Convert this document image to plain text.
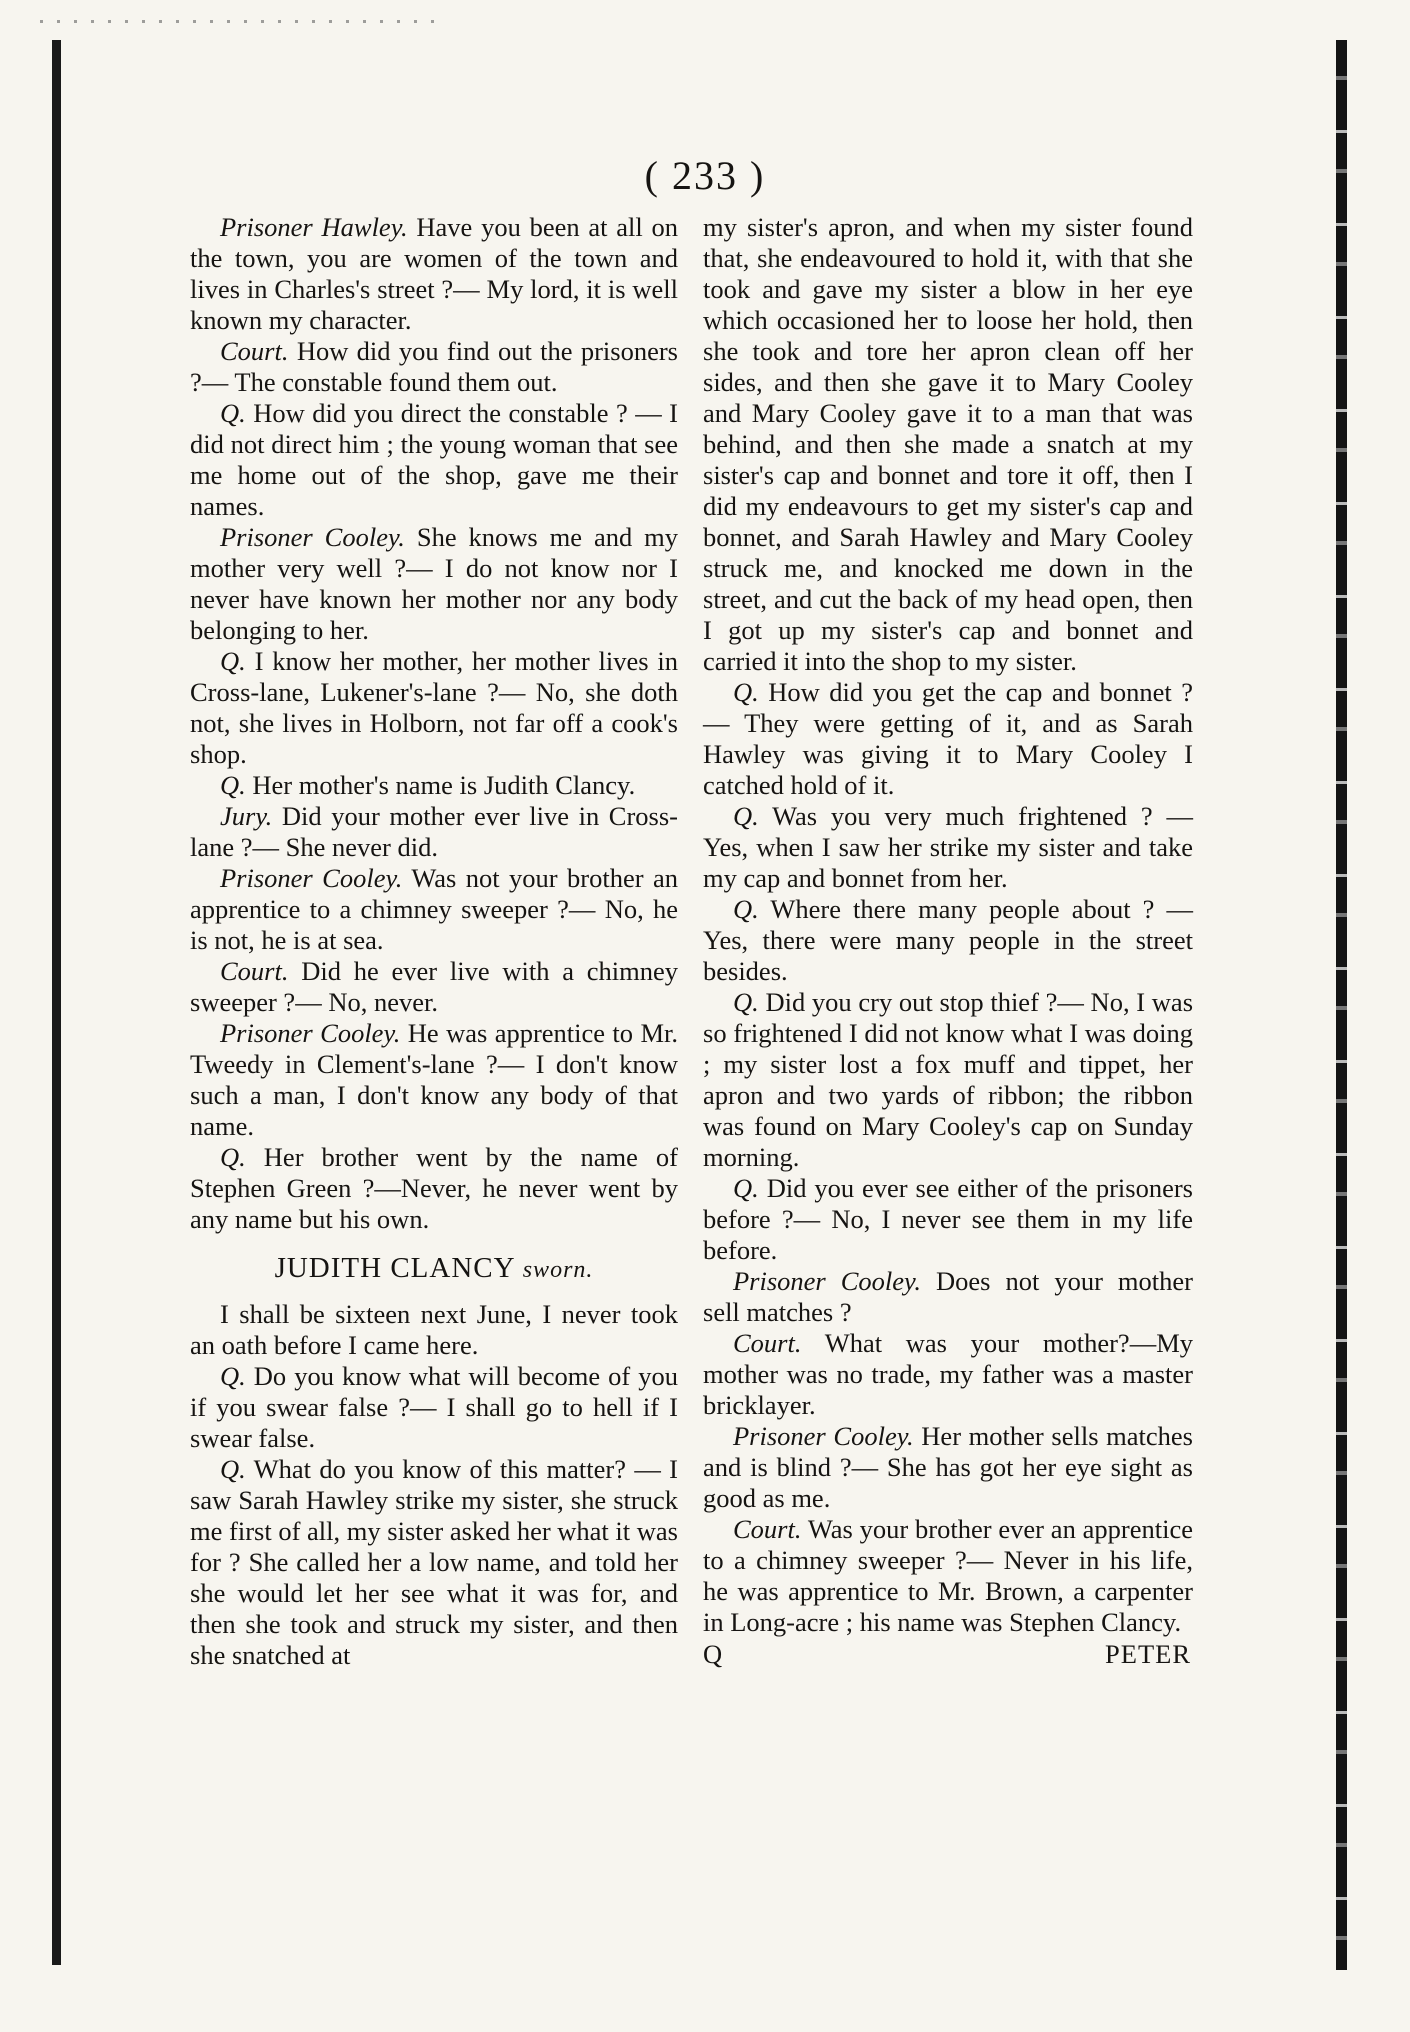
( 233 )

Prisoner Hawley. Have you been at all on the town, you are women of the town and lives in Charles's street ?— My lord, it is well known my character.

Court. How did you find out the prisoners ?— The constable found them out.

Q. How did you direct the constable ? — I did not direct him ; the young woman that see me home out of the shop, gave me their names.

Prisoner Cooley. She knows me and my mother very well ?— I do not know nor I never have known her mother nor any body belonging to her.

Q. I know her mother, her mother lives in Cross-lane, Lukener's-lane ?— No, she doth not, she lives in Holborn, not far off a cook's shop.

Q. Her mother's name is Judith Clancy.

Jury. Did your mother ever live in Cross-lane ?— She never did.

Prisoner Cooley. Was not your brother an apprentice to a chimney sweeper ?— No, he is not, he is at sea.

Court. Did he ever live with a chimney sweeper ?— No, never.

Prisoner Cooley. He was apprentice to Mr. Tweedy in Clement's-lane ?— I don't know such a man, I don't know any body of that name.

Q. Her brother went by the name of Stephen Green ?—Never, he never went by any name but his own.

JUDITH CLANCY sworn.

I shall be sixteen next June, I never took an oath before I came here.

Q. Do you know what will become of you if you swear false ?— I shall go to hell if I swear false.

Q. What do you know of this matter? — I saw Sarah Hawley strike my sister, she struck me first of all, my sister asked her what it was for ? She called her a low name, and told her she would let her see what it was for, and then she took and struck my sister, and then she snatched at

my sister's apron, and when my sister found that, she endeavoured to hold it, with that she took and gave my sister a blow in her eye which occasioned her to loose her hold, then she took and tore her apron clean off her sides, and then she gave it to Mary Cooley and Mary Cooley gave it to a man that was behind, and then she made a snatch at my sister's cap and bonnet and tore it off, then I did my endeavours to get my sister's cap and bonnet, and Sarah Hawley and Mary Cooley struck me, and knocked me down in the street, and cut the back of my head open, then I got up my sister's cap and bonnet and carried it into the shop to my sister.

Q. How did you get the cap and bonnet ?— They were getting of it, and as Sarah Hawley was giving it to Mary Cooley I catched hold of it.

Q. Was you very much frightened ? — Yes, when I saw her strike my sister and take my cap and bonnet from her.

Q. Where there many people about ? — Yes, there were many people in the street besides.

Q. Did you cry out stop thief ?— No, I was so frightened I did not know what I was doing ; my sister lost a fox muff and tippet, her apron and two yards of ribbon; the ribbon was found on Mary Cooley's cap on Sunday morning.

Q. Did you ever see either of the prisoners before ?— No, I never see them in my life before.

Prisoner Cooley. Does not your mother sell matches ?

Court. What was your mother?—My mother was no trade, my father was a master bricklayer.

Prisoner Cooley. Her mother sells matches and is blind ?— She has got her eye sight as good as me.

Court. Was your brother ever an apprentice to a chimney sweeper ?— Never in his life, he was apprentice to Mr. Brown, a carpenter in Long-acre ; his name was Stephen Clancy.

Q	PETER
